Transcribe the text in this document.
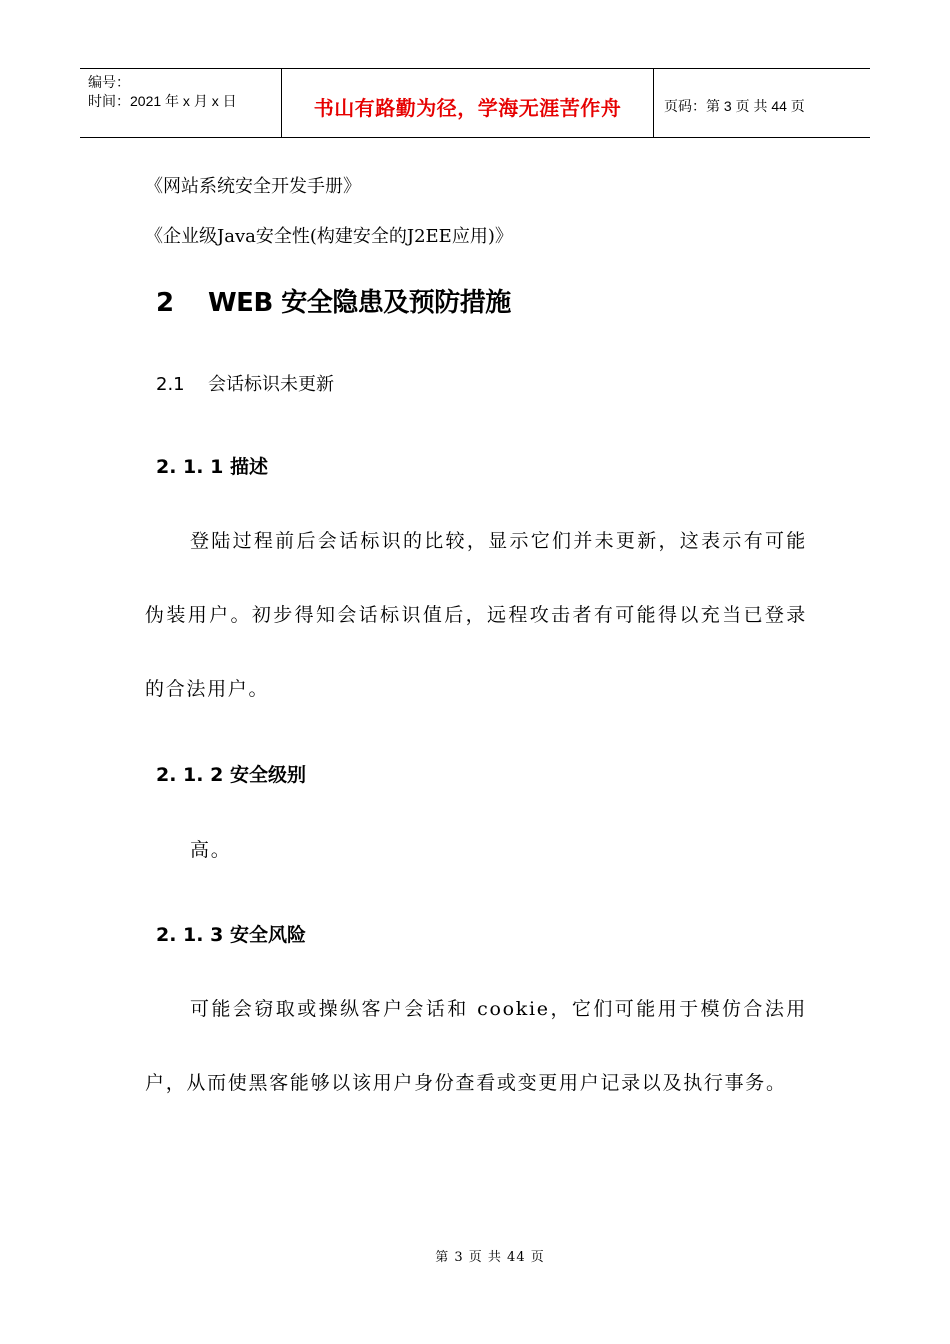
编号：
时间：2021 年 x 月 x 日	书山有路勤为径，学海无涯苦作舟	页码：第 3 页 共 44 页
《网站系统安全开发手册》
《企业级Java安全性(构建安全的J2EE应用)》
2 WEB 安全隐患及预防措施
2.1 会话标识未更新
2. 1. 1 描述

登陆过程前后会话标识的比较，显示它们并未更新，这表示有可能伪装用户。初步得知会话标识值后，远程攻击者有可能得以充当已登录的合法用户。

2. 1. 2 安全级别

高。

2. 1. 3 安全风险

可能会窃取或操纵客户会话和 cookie，它们可能用于模仿合法用户，从而使黑客能够以该用户身份查看或变更用户记录以及执行事务。

第 3 页 共 44 页
